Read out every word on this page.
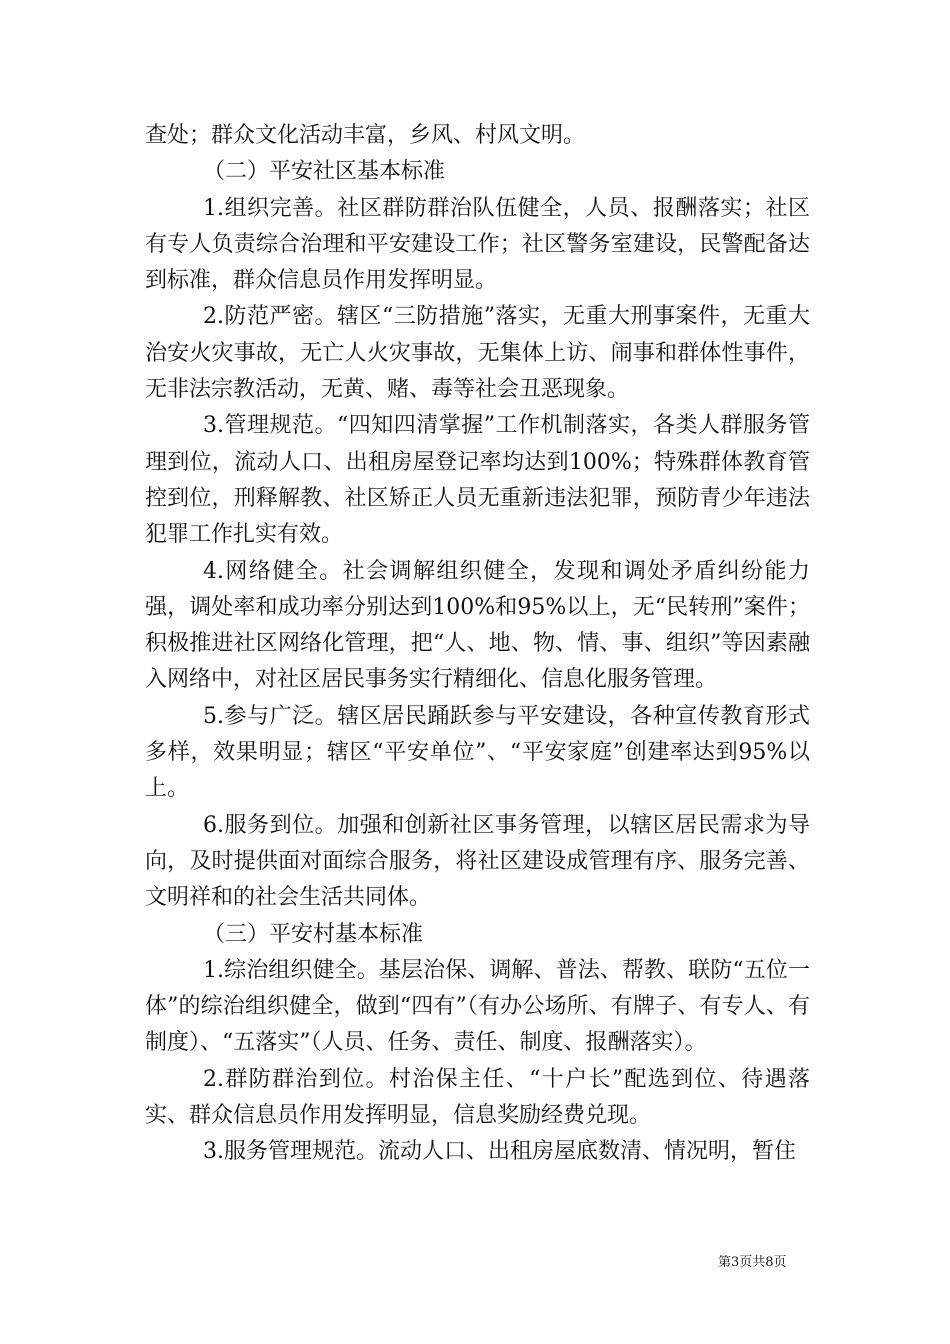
查处；群众文化活动丰富，乡风、村风文明。

（二）平安社区基本标准

1.组织完善。社区群防群治队伍健全，人员、报酬落实；社区有专人负责综合治理和平安建设工作；社区警务室建设，民警配备达到标准，群众信息员作用发挥明显。

2.防范严密。辖区“三防措施”落实，无重大刑事案件，无重大治安火灾事故，无亡人火灾事故，无集体上访、闹事和群体性事件，无非法宗教活动，无黄、赌、毒等社会丑恶现象。

3.管理规范。“四知四清掌握”工作机制落实，各类人群服务管理到位，流动人口、出租房屋登记率均达到100%；特殊群体教育管控到位，刑释解教、社区矫正人员无重新违法犯罪，预防青少年违法犯罪工作扎实有效。

4.网络健全。社会调解组织健全，发现和调处矛盾纠纷能力强，调处率和成功率分别达到100%和95%以上，无“民转刑”案件；积极推进社区网络化管理，把“人、地、物、情、事、组织”等因素融入网络中，对社区居民事务实行精细化、信息化服务管理。

5.参与广泛。辖区居民踊跃参与平安建设，各种宣传教育形式多样，效果明显；辖区“平安单位”、“平安家庭”创建率达到95%以上。

6.服务到位。加强和创新社区事务管理，以辖区居民需求为导向，及时提供面对面综合服务，将社区建设成管理有序、服务完善、文明祥和的社会生活共同体。

（三）平安村基本标准

1.综治组织健全。基层治保、调解、普法、帮教、联防“五位一体”的综治组织健全，做到“四有”（有办公场所、有牌子、有专人、有制度）、“五落实”（人员、任务、责任、制度、报酬落实）。

2.群防群治到位。村治保主任、“十户长”配选到位、待遇落实、群众信息员作用发挥明显，信息奖励经费兑现。

3.服务管理规范。流动人口、出租房屋底数清、情况明，暂住

第3页共8页
